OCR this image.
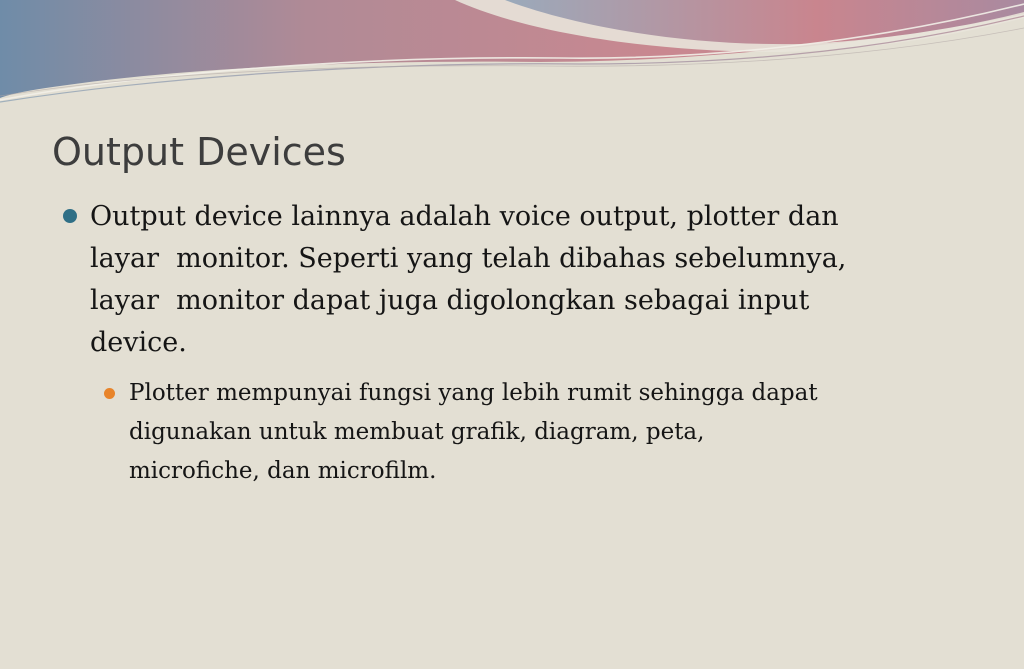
Output Devices
Output device lainnya adalah voice output, plotter dan
layar  monitor. Seperti yang telah dibahas sebelumnya,
layar  monitor dapat juga digolongkan sebagai input
device.
Plotter mempunyai fungsi yang lebih rumit sehingga dapat
digunakan untuk membuat grafik, diagram, peta,
microfiche, dan microfilm.
